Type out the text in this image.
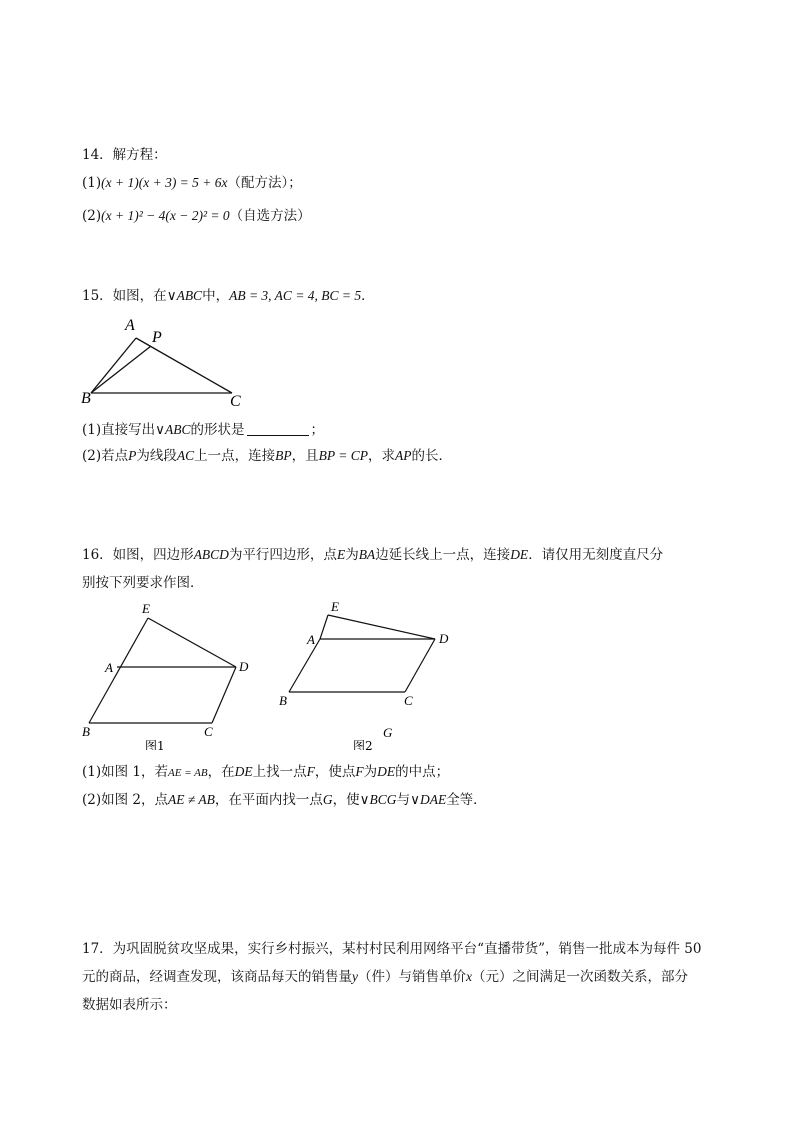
14．解方程：
(1)(x + 1)(x + 3) = 5 + 6x（配方法）；
(2)(x + 1)² − 4(x − 2)² = 0（自选方法）
15．如图，在∨ABC中，AB = 3, AC = 4, BC = 5．
A
P
B	C
(1)直接写出∨ABC的形状是	；
(2)若点P为线段AC上一点，连接BP，且BP = CP，求AP的长．
16．如图，四边形ABCD为平行四边形，点E为BA边延长线上一点，连接DE．请仅用无刻度直尺分
别按下列要求作图．
E
A	D
B	C
图1
E
A	D
B	C
G
图2
(1)如图 1，若AE = AB，在DE上找一点F，使点F为DE的中点；
(2)如图 2，点AE ≠ AB，在平面内找一点G，使∨BCG与∨DAE全等．
17．为巩固脱贫攻坚成果，实行乡村振兴，某村村民利用网络平台“直播带货”，销售一批成本为每件 50
元的商品，经调查发现，该商品每天的销售量y（件）与销售单价x（元）之间满足一次函数关系，部分
数据如表所示：
